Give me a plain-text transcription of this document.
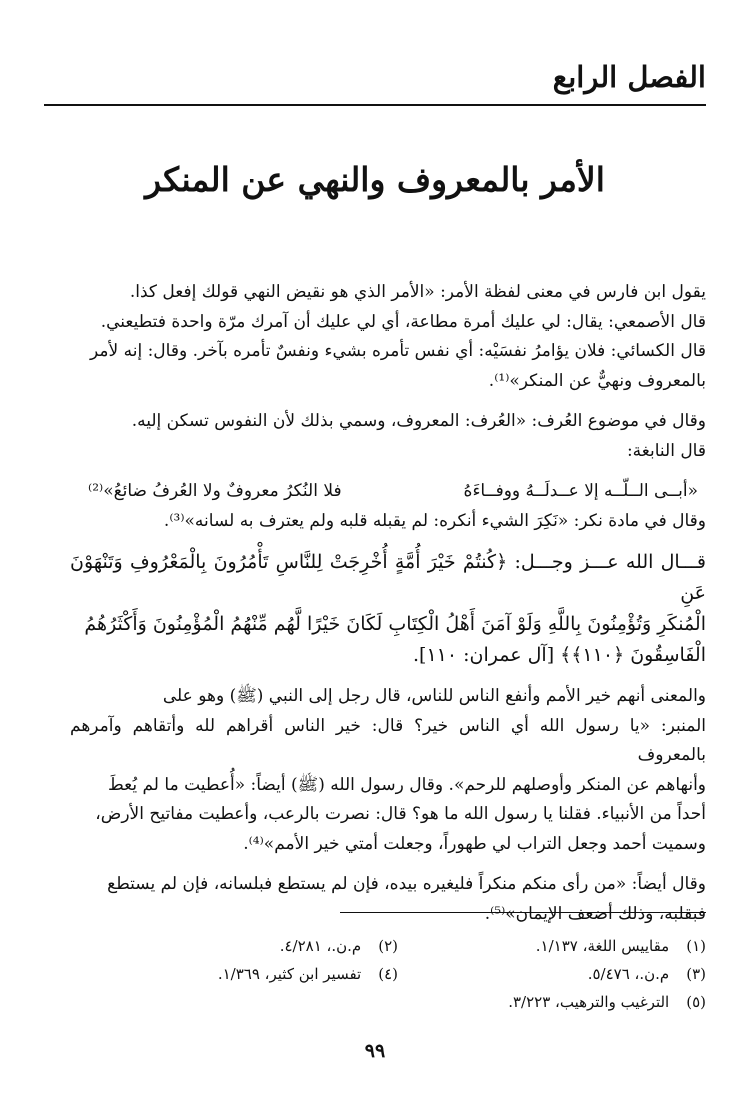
الفصل الرابع
الأمر بالمعروف والنهي عن المنكر

يقول ابن فارس في معنى لفظة الأمر: «الأمر الذي هو نقيض النهي قولك إفعل كذا.

قال الأصمعي: يقال: لي عليك أمرة مطاعة، أي لي عليك أن آمرك مرّة واحدة فتطيعني.

قال الكسائي: فلان يؤامرُ نفسَيْه: أي نفس تأمره بشيء ونفسٌ تأمره بآخر. وقال: إنه لأمر

بالمعروف ونهيٌّ عن المنكر»⁽¹⁾.

وقال في موضوع العُرف: «العُرف: المعروف، وسمي بذلك لأن النفوس تسكن إليه.

قال النابغة:

«أبــى الــلّــه إلا عــدلَــهُ ووفــاءَهُ
فلا النُكرُ معروفٌ ولا العُرفُ ضائعُ»⁽²⁾

وقال في مادة نكر: «نَكِرَ الشيء أنكره: لم يقبله قلبه ولم يعترف به لسانه»⁽³⁾.

قـــال الله عـــز وجـــل: ﴿كُنتُمْ خَيْرَ أُمَّةٍ أُخْرِجَتْ لِلنَّاسِ تَأْمُرُونَ بِالْمَعْرُوفِ وَتَنْهَوْنَ عَنِ

الْمُنكَرِ وَتُؤْمِنُونَ بِاللَّهِ وَلَوْ آمَنَ أَهْلُ الْكِتَابِ لَكَانَ خَيْرًا لَّهُم مِّنْهُمُ الْمُؤْمِنُونَ وَأَكْثَرُهُمُ

الْفَاسِقُونَ ﴿١١٠﴾﴾ [آل عمران: ١١٠].

والمعنى أنهم خير الأمم وأنفع الناس للناس، قال رجل إلى النبي (ﷺ) وهو على

المنبر: «يا رسول الله أي الناس خير؟ قال: خير الناس أقراهم لله وأتقاهم وآمرهم بالمعروف

وأنهاهم عن المنكر وأوصلهم للرحم». وقال رسول الله (ﷺ) أيضاً: «أُعطيت ما لم يُعطَ

أحداً من الأنبياء. فقلنا يا رسول الله ما هو؟ قال: نصرت بالرعب، وأعطيت مفاتيح الأرض،

وسميت أحمد وجعل التراب لي طهوراً، وجعلت أمتي خير الأمم»⁽⁴⁾.

وقال أيضاً: «من رأى منكم منكراً فليغيره بيده، فإن لم يستطع فبلسانه، فإن لم يستطع

فبقلبه، وذلك أضعف الإيمان»⁽⁵⁾.

(١) مقاييس اللغة، ١/١٣٧.
(٢) م.ن.، ٤/٢٨١.
(٣) م.ن.، ٥/٤٧٦.
(٤) تفسير ابن كثير، ١/٣٦٩.
(٥) الترغيب والترهيب، ٣/٢٢٣.
٩٩
